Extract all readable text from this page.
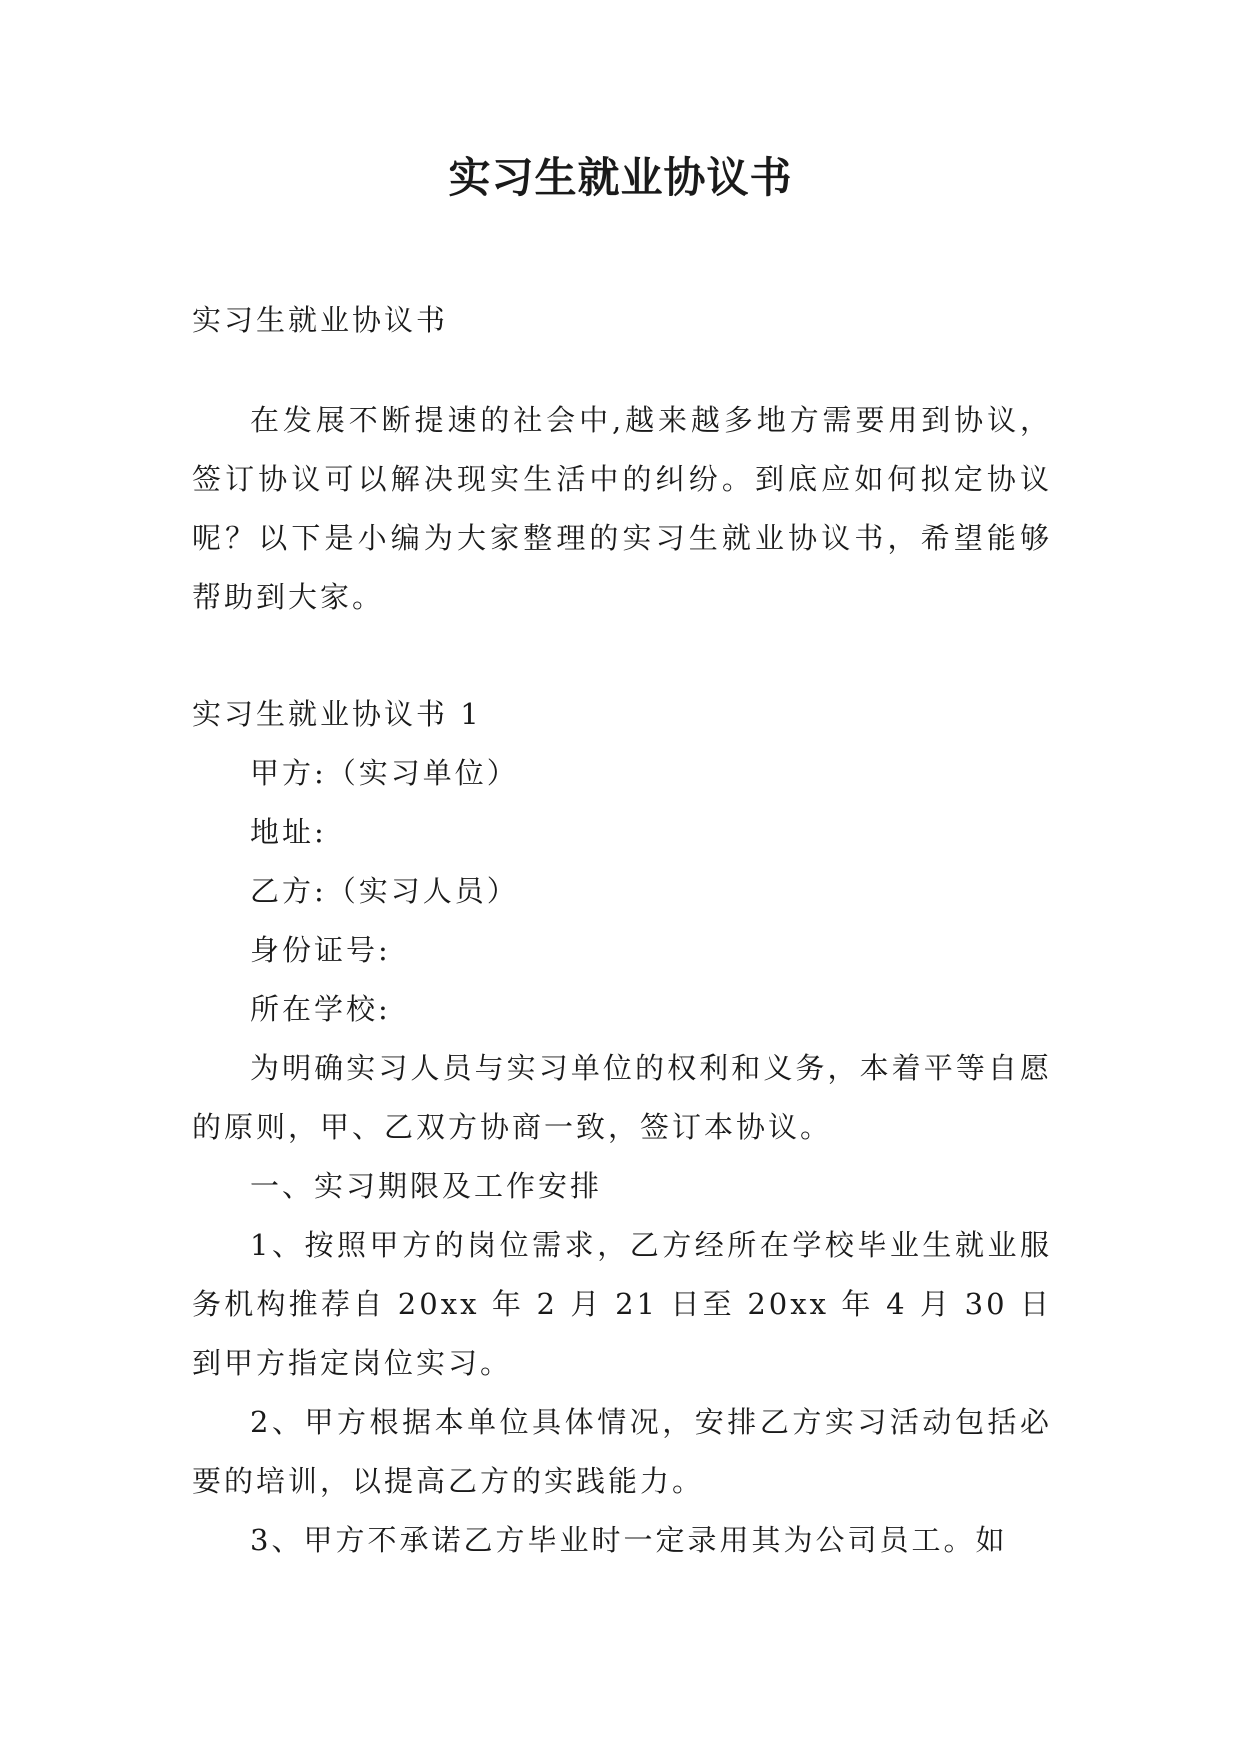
实习生就业协议书

实习生就业协议书

在发展不断提速的社会中,越来越多地方需要用到协议，签订协议可以解决现实生活中的纠纷。到底应如何拟定协议呢？以下是小编为大家整理的实习生就业协议书，希望能够帮助到大家。

实习生就业协议书 1

甲方:（实习单位）

地址:

乙方:（实习人员）

身份证号:

所在学校:

为明确实习人员与实习单位的权利和义务，本着平等自愿的原则，甲、乙双方协商一致，签订本协议。

一、实习期限及工作安排

1、按照甲方的岗位需求，乙方经所在学校毕业生就业服务机构推荐自 20xx 年 2 月 21 日至 20xx 年 4 月 30 日到甲方指定岗位实习。

2、甲方根据本单位具体情况，安排乙方实习活动包括必要的培训，以提高乙方的实践能力。

3、甲方不承诺乙方毕业时一定录用其为公司员工。如
